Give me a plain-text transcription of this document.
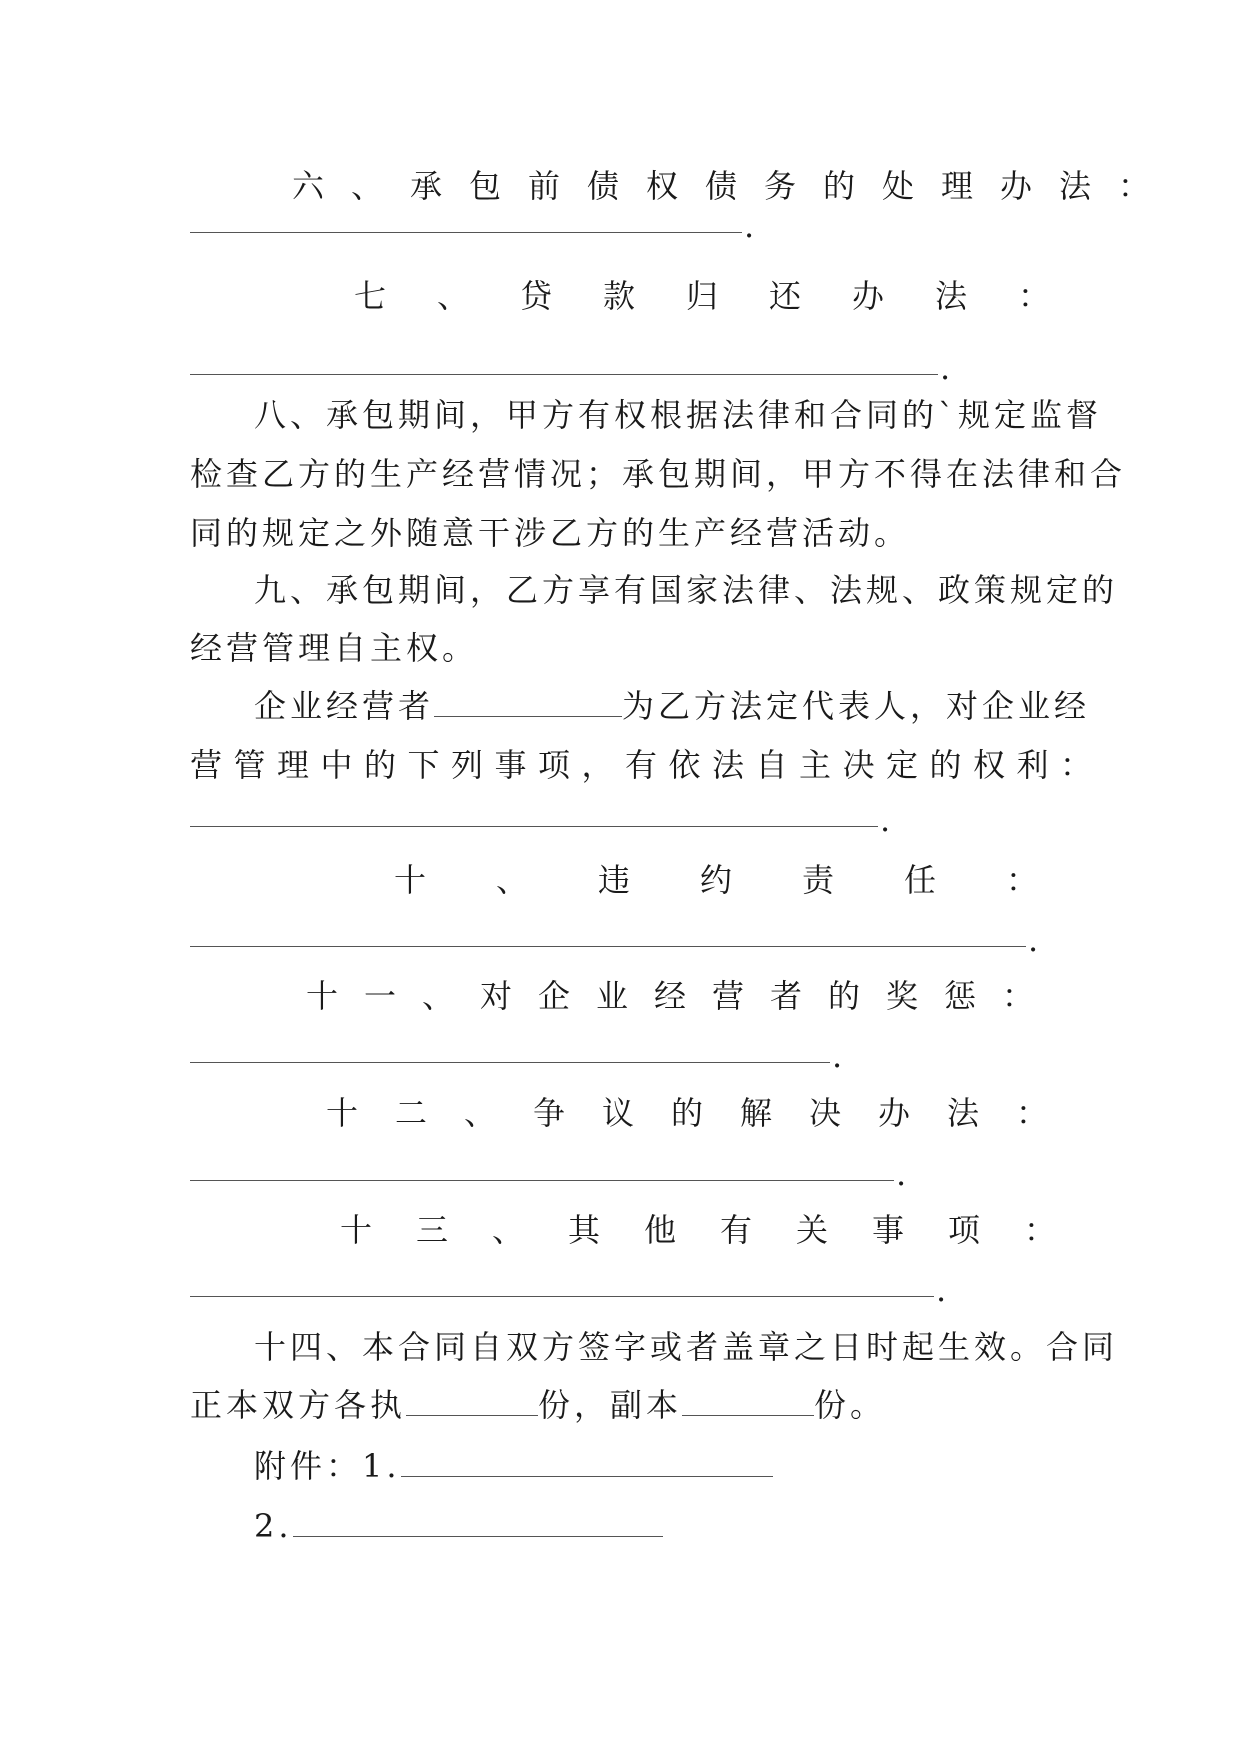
六、承包前债权债务的处理办法：
.
七、贷款归还办法：
.
八、承包期间，甲方有权根据法律和合同的`规定监督
检查乙方的生产经营情况；承包期间，甲方不得在法律和合
同的规定之外随意干涉乙方的生产经营活动。
九、承包期间，乙方享有国家法律、法规、政策规定的
经营管理自主权。
企业经营者	为乙方法定代表人，对企业经
营管理中的下列事项，有依法自主决定的权利：
.
十、违约责任：
.
十一、对企业经营者的奖惩：
.
十二、争议的解决办法：
.
十三、其他有关事项：
.
十四、本合同自双方签字或者盖章之日时起生效。合同
正本双方各执	份，副本	份。
附件：1.
2.
